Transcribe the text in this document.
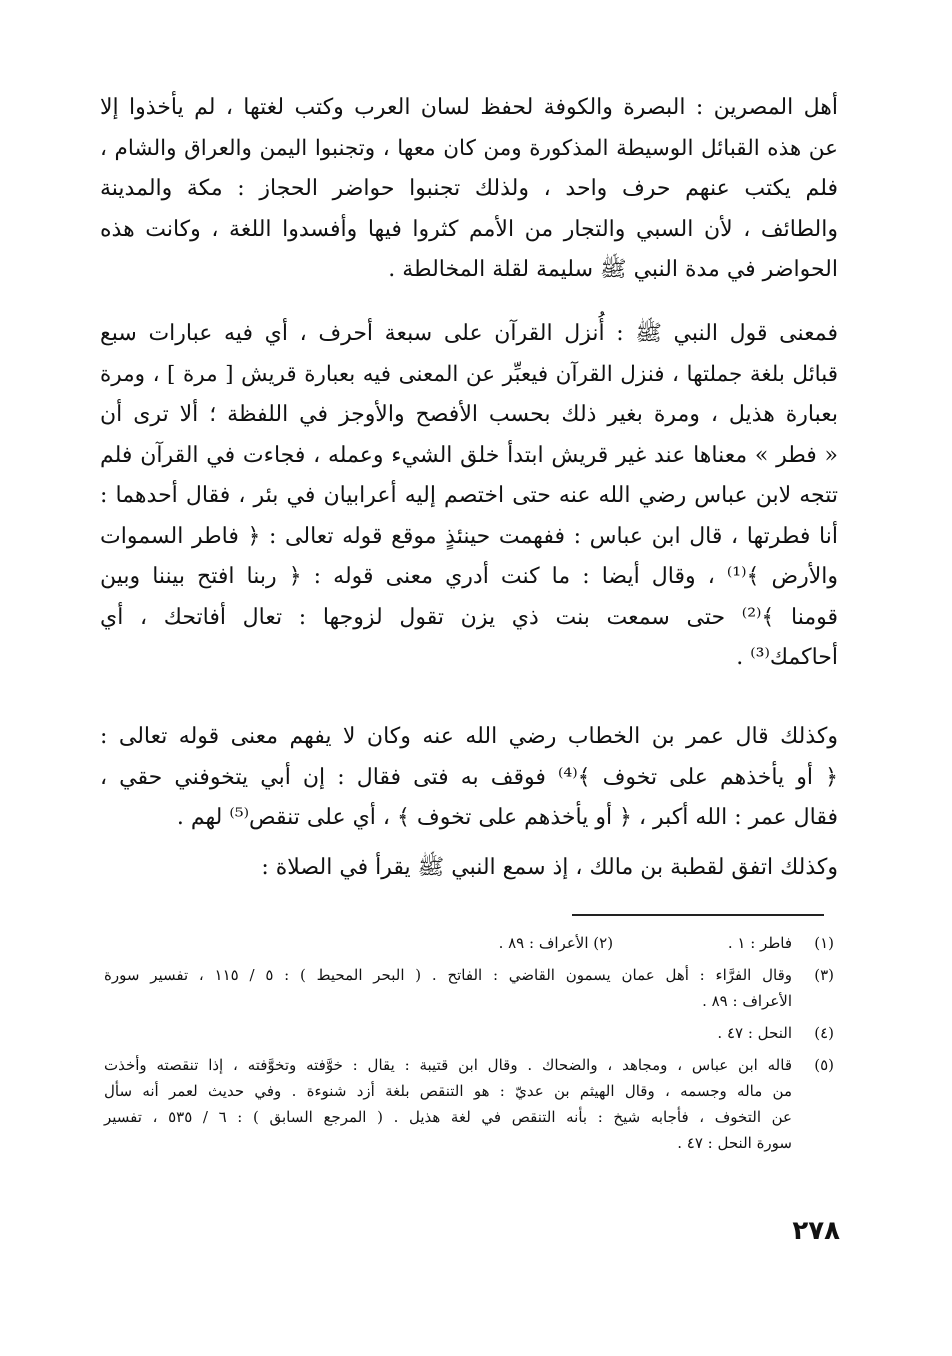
أهل المصرين : البصرة والكوفة لحفظ لسان العرب وكتب لغتها ، لم يأخذوا إلا
عن هذه القبائل الوسيطة المذكورة ومن كان معها ، وتجنبوا اليمن والعراق والشام ،
فلم يكتب عنهم حرف واحد ، ولذلك تجنبوا حواضر الحجاز : مكة والمدينة
والطائف ، لأن السبي والتجار من الأمم كثروا فيها وأفسدوا اللغة ، وكانت هذه
الحواضر في مدة النبي ﷺ سليمة لقلة المخالطة .
فمعنى قول النبي ﷺ : أُنزل القرآن على سبعة أحرف ، أي فيه عبارات سبع
قبائل بلغة جملتها ، فنزل القرآن فيعبِّر عن المعنى فيه بعبارة قريش [ مرة ] ، ومرة
بعبارة هذيل ، ومرة بغير ذلك بحسب الأفصح والأوجز في اللفظة ؛ ألا ترى أن
« فطر » معناها عند غير قريش ابتدأ خلق الشيء وعمله ، فجاءت في القرآن فلم
تتجه لابن عباس رضي الله عنه حتى اختصم إليه أعرابيان في بئر ، فقال أحدهما :
أنا فطرتها ، قال ابن عباس : ففهمت حينئذٍ موقع قوله تعالى : ﴿ فاطر السموات
والأرض ﴾⁽¹⁾ ، وقال أيضا : ما كنت أدري معنى قوله : ﴿ ربنا افتح بيننا وبين
قومنا ﴾⁽²⁾ حتى سمعت بنت ذي يزن تقول لزوجها : تعال أفاتحك ، أي
أحاكمك⁽³⁾ .
وكذلك قال عمر بن الخطاب رضي الله عنه وكان لا يفهم معنى قوله تعالى :
﴿ أو يأخذهم على تخوف ﴾⁽⁴⁾ فوقف به فتى فقال : إن أبي يتخوفني حقي ،
فقال عمر : الله أكبر ، ﴿ أو يأخذهم على تخوف ﴾ ، أي على تنقص⁽⁵⁾ لهم .
وكذلك اتفق لقطبة بن مالك ، إذ سمع النبي ﷺ يقرأ في الصلاة :
(١)
فاطر : ١ . (٢) الأعراف : ٨٩ .
(٣)
وقال الفرَّاء : أهل عمان يسمون القاضي : الفاتح . ( البحر المحيط ) : ٥ / ١١٥ ، تفسير سورة
الأعراف : ٨٩ .
(٤)
النحل : ٤٧ .
(٥)
قاله ابن عباس ، ومجاهد ، والضحاك . وقال ابن قتيبة : يقال : خوَّفته وتخوَّفته ، إذا تنقصته وأخذت
من ماله وجسمه ، وقال الهيثم بن عديّ : هو التنقص بلغة أزد شنوءة . وفي حديث لعمر أنه سأل
عن التخوف ، فأجابه شيخ : بأنه التنقص في لغة هذيل . ( المرجع السابق ) : ٦ / ٥٣٥ ، تفسير
سورة النحل : ٤٧ .
٢٧٨
